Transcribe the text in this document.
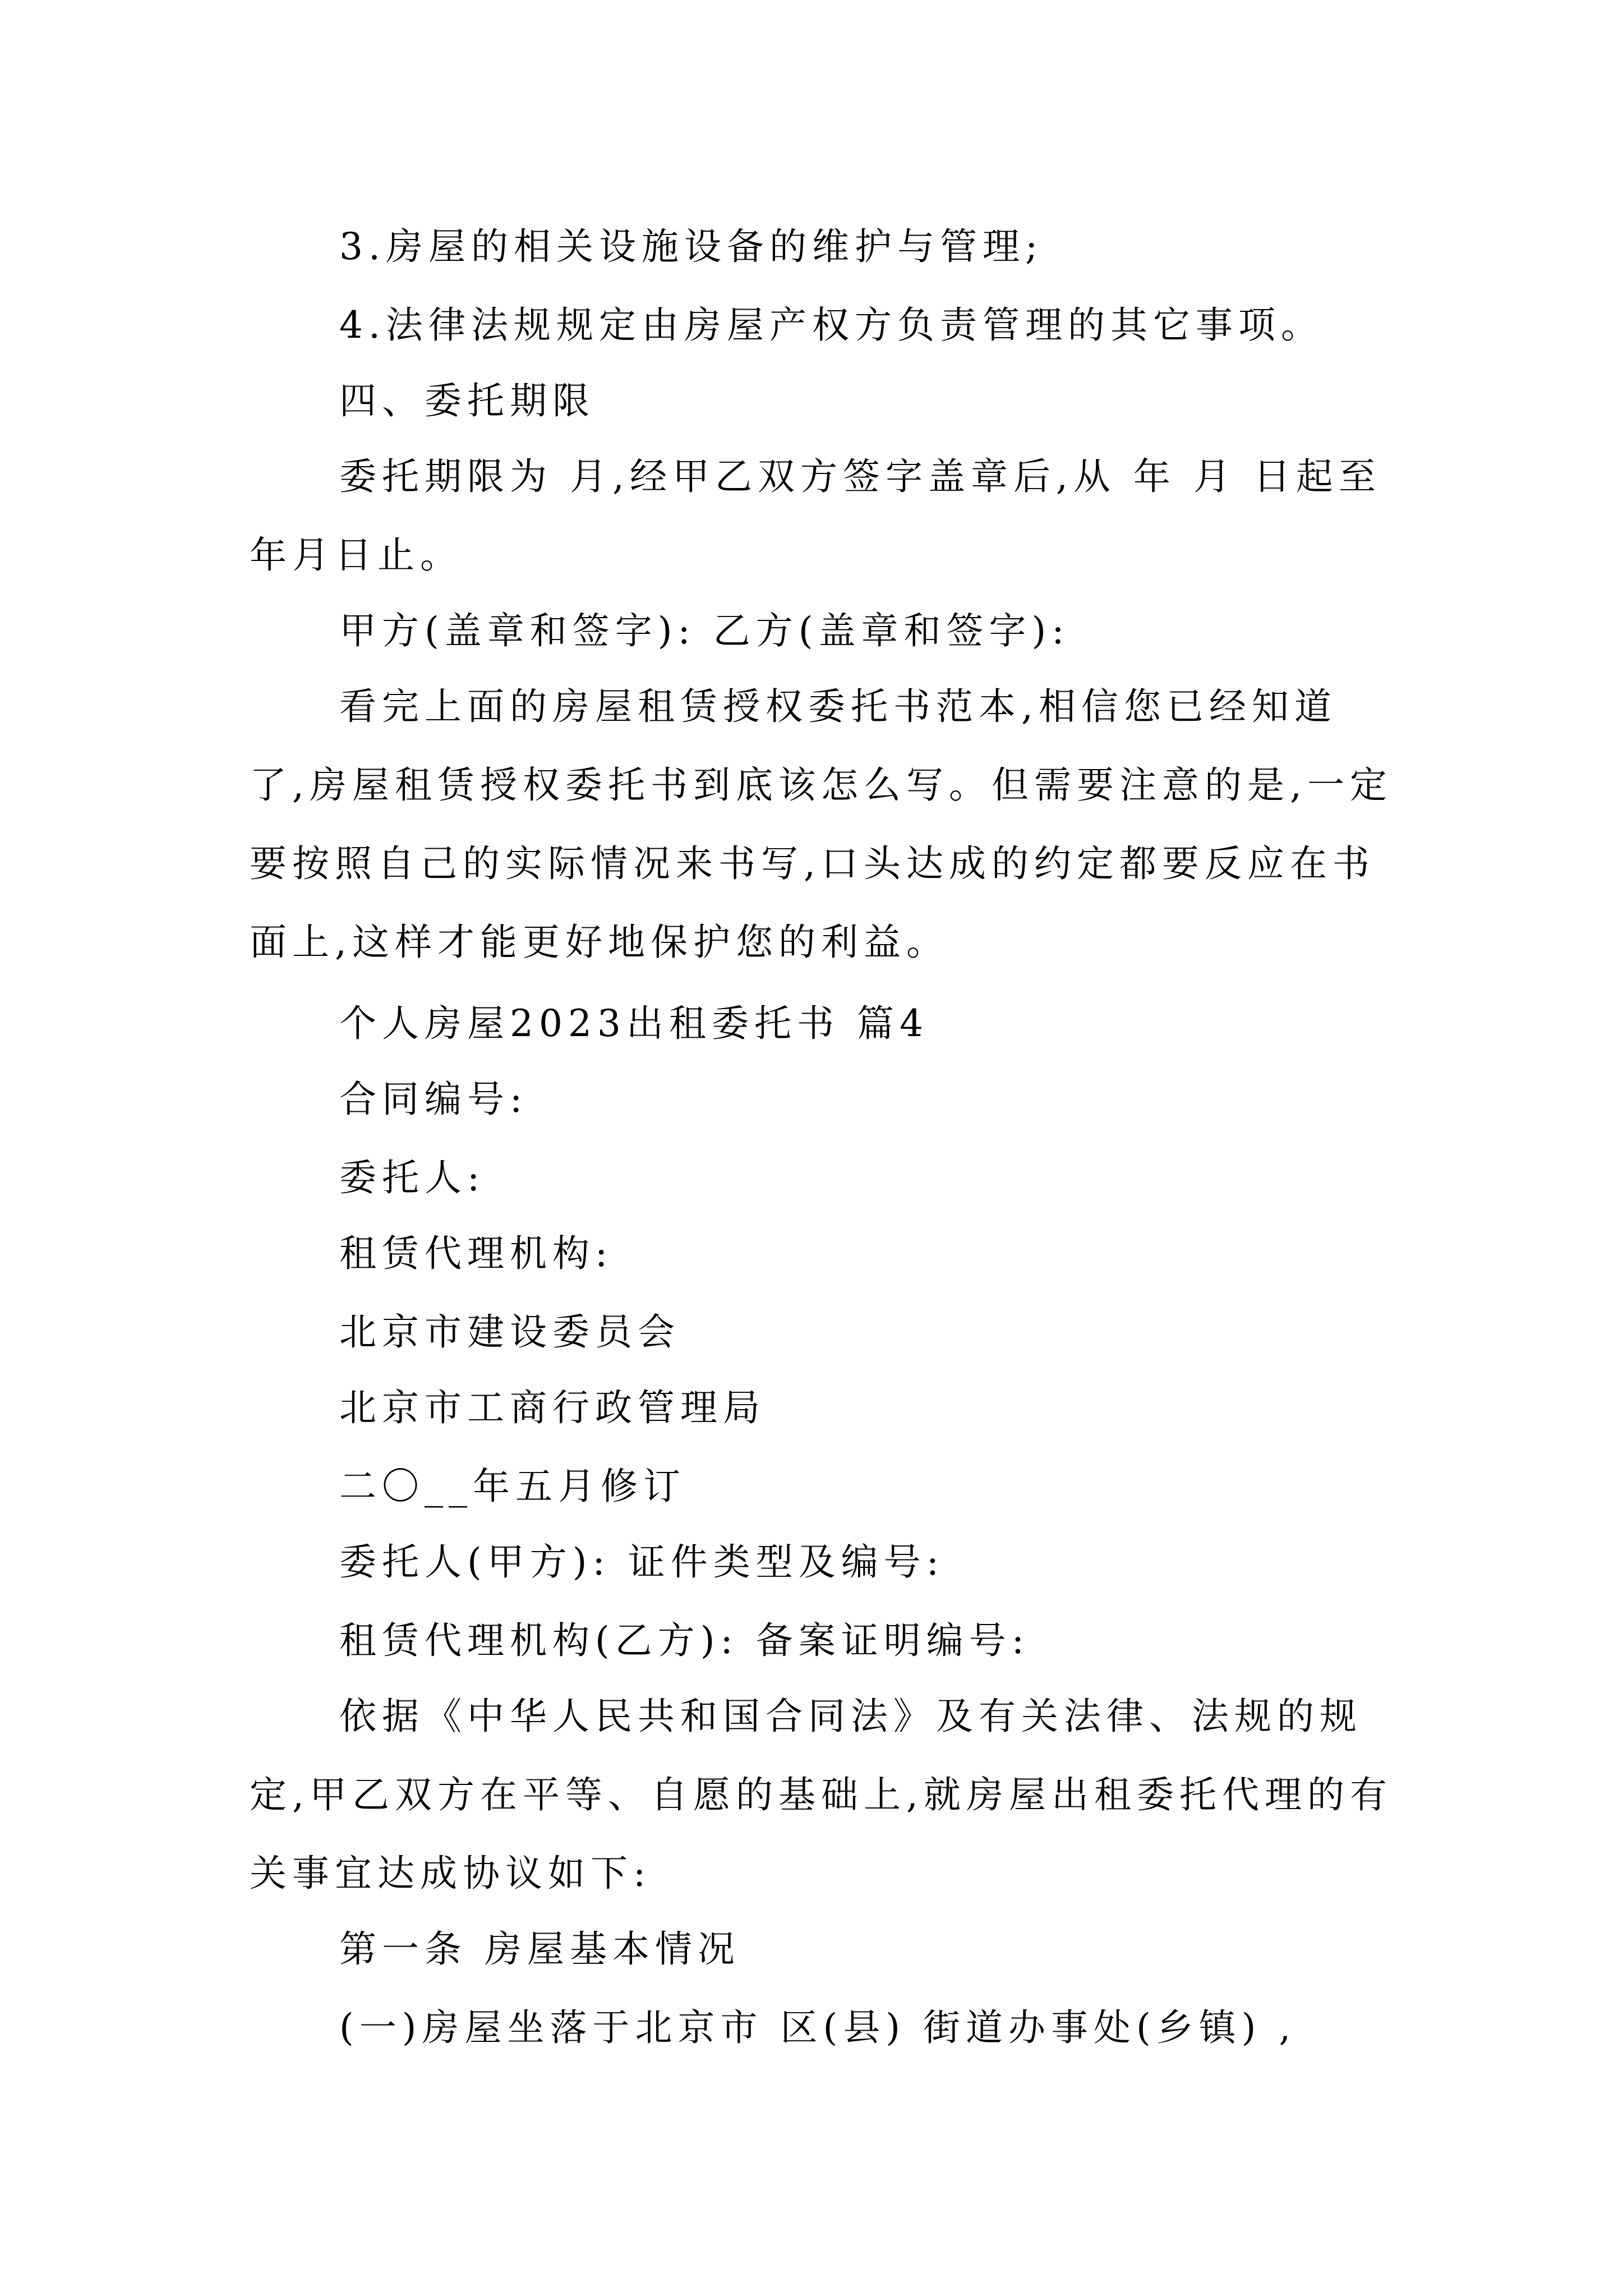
3.房屋的相关设施设备的维护与管理;

4.法律法规规定由房屋产权方负责管理的其它事项。

四、委托期限

委托期限为 月,经甲乙双方签字盖章后,从 年 月 日起至年月日止。

甲方(盖章和签字): 乙方(盖章和签字):

看完上面的房屋租赁授权委托书范本,相信您已经知道了,房屋租赁授权委托书到底该怎么写。但需要注意的是,一定要按照自己的实际情况来书写,口头达成的约定都要反应在书面上,这样才能更好地保护您的利益。

个人房屋2023出租委托书 篇4

合同编号:

委托人:

租赁代理机构:

北京市建设委员会

北京市工商行政管理局

二〇__年五月修订

委托人(甲方): 证件类型及编号:

租赁代理机构(乙方): 备案证明编号:

依据《中华人民共和国合同法》及有关法律、法规的规定,甲乙双方在平等、自愿的基础上,就房屋出租委托代理的有关事宜达成协议如下:

第一条 房屋基本情况

(一)房屋坐落于北京市 区(县) 街道办事处(乡镇) ,
